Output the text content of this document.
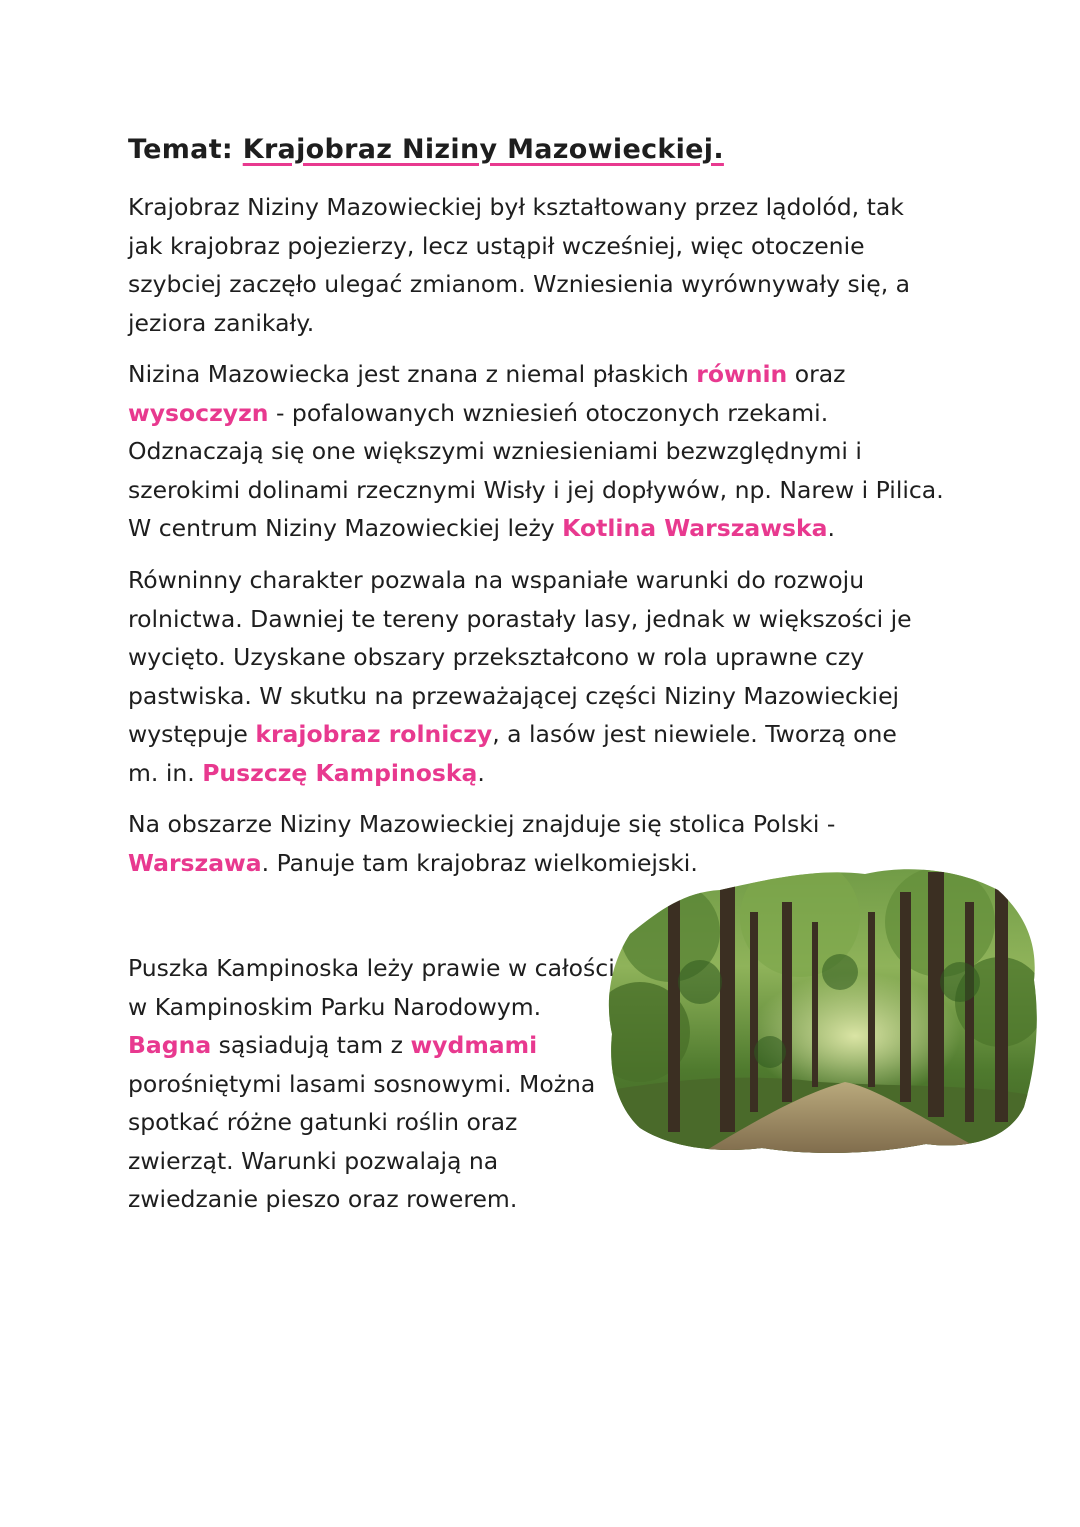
Temat: Krajobraz Niziny Mazowieckiej.

Krajobraz Niziny Mazowieckiej był kształtowany przez lądolód, tak jak krajobraz pojezierzy, lecz ustąpił wcześniej, więc otoczenie szybciej zaczęło ulegać zmianom. Wzniesienia wyrównywały się, a jeziora zanikały.

Nizina Mazowiecka jest znana z niemal płaskich równin oraz wysoczyzn - pofalowanych wzniesień otoczonych rzekami. Odznaczają się one większymi wzniesieniami bezwzględnymi i szerokimi dolinami rzecznymi Wisły i jej dopływów, np. Narew i Pilica. W centrum Niziny Mazowieckiej leży Kotlina Warszawska.

Równinny charakter pozwala na wspaniałe warunki do rozwoju rolnictwa. Dawniej te tereny porastały lasy, jednak w większości je wycięto. Uzyskane obszary przekształcono w rola uprawne czy pastwiska. W skutku na przeważającej części Niziny Mazowieckiej występuje krajobraz rolniczy, a lasów jest niewiele. Tworzą one m. in. Puszczę Kampinoską.

Na obszarze Niziny Mazowieckiej znajduje się stolica Polski - Warszawa. Panuje tam krajobraz wielkomiejski.

Puszka Kampinoska leży prawie w całości w Kampinoskim Parku Narodowym. Bagna sąsiadują tam z wydmami porośniętymi lasami sosnowymi. Można spotkać różne gatunki roślin oraz zwierząt. Warunki pozwalają na zwiedzanie pieszo oraz rowerem.
